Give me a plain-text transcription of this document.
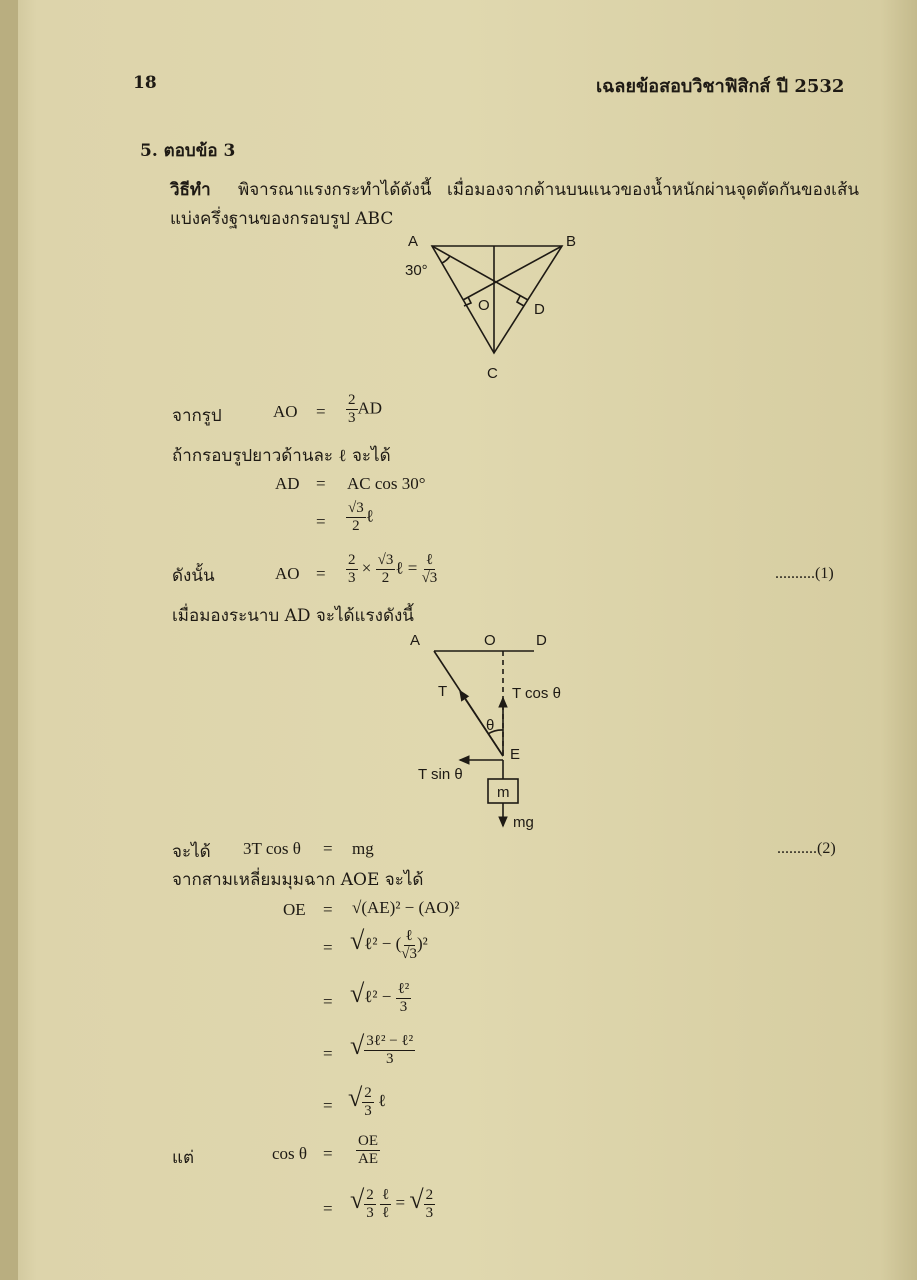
18	เฉลยข้อสอบวิชาฟิสิกส์ ปี 2532
5. ตอบข้อ 3
วิธีทำ พิจารณาแรงกระทำได้ดังนี้ เมื่อมองจากด้านบนแนวของน้ำหนักผ่านจุดตัดกันของเส้น
แบ่งครึ่งฐานของกรอบรูป ABC
A	B
C
O	D
30°
จากรูป	AO = $\frac{2}{3}$ AD
ถ้ากรอบรูปยาวด้านละ ℓ จะได้
AD = AC cos 30°
= $\frac{√3}{2}$ ℓ
ดังนั้น	AO = $\frac{2}{3} \times \frac{√3}{2}$ ℓ = $\frac{\text{ℓ}}{√3}$	..........(1)
เมื่อมองระนาบ AD จะได้แรงดังนี้
A	O	D
T	T cos θ
θ
E
T sin θ
m
mg
จะได้ 3T cos θ = mg	..........(2)
จากสามเหลี่ยมมุมฉาก AOE จะได้
OE = √(AE)² − (AO)²
= √ℓ² − ( $\frac{\text{ℓ}}{√3} )^2$
= √ℓ² − $\frac{\text{ℓ²}}{3}$
= √ $\frac{\text{3ℓ² − ℓ²}}{3}$
= √ $\frac{2}{3}$ ℓ
แต่	$\cos \theta = \frac{OE}{AE}$
= √ $\frac{2}{3}$
$\frac{\text{ℓ}}{\text{ℓ}}$ = √ $\frac{2}{3}$
